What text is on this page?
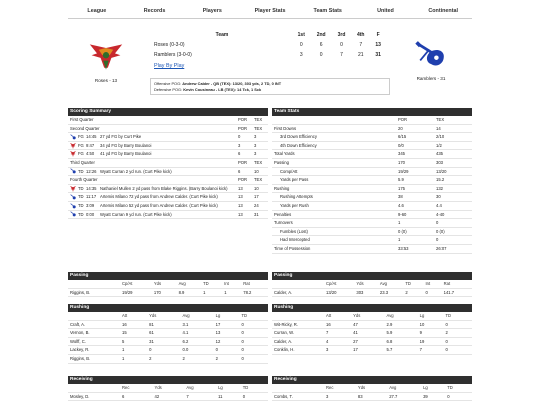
League	Records	Players	Player Stats	Team Stats	United	Continental
Roses - 13	Ramblers - 31
Team	1st	2nd	3rd	4th	F
Roses (0-3-0)	0	6	0	7	13
Ramblers (3-0-0)	3	0	7	21	31
Play By Play
Offensive POG: Andrew Calder - QB (TEX): 13/20, 303 yds, 2 TD, 0 INT
Defensive POG: Kevin Cousineau - LB (TEX): 14 Tck, 1 Sck
Scoring Summary
First Quarter	POR	TEX
Second Quarter	POR	TEX

FG 14:45 27 yd FG by Curt Pike	0	3

FG 9:47 34 yd FG by Barry Boulanoi	3	3

FG 4:50 41 yd FG by Barry Boulanoi	6	3
Third Quarter	POR	TEX

TD 12:26 Wyatt Curran 2 yd run. (Curt Pike kick)	6	10
Fourth Quarter	POR	TEX

TD 14:35 Nathaniel Mullen 2 yd pass from Blake Riggins. (Barry Boulanoi kick)	13	10

TD 11:17 Artemis Milano 72 yd pass from Andrew Calder. (Curt Pike kick)	13	17

TD 3:09 Artemis Milano 52 yd pass from Andrew Calder. (Curt Pike kick)	13	24

TD 0:00 Wyatt Curran 9 yd run. (Curt Pike kick)	13	31
Team Stats
	POR	TEX
First Downs	20	14
3rd Down Efficiency	6/15	2/10
4th Down Efficiency	0/0	1/2
Total Yards	345	435
Passing	170	303
Comp/Att	19/29	13/20
Yards per Pass	5.9	15.2
Rushing	175	132
Rushing Attempts	38	30
Yards per Rush	4.6	4.4
Penalties	9-60	4-40
Turnovers	1	0
Fumbles (Lost)	0 (0)	0 (0)
Had Intercepted	1	0
Time of Possession	33:53	26:07
Passing
	Cp/At	Yds	Avg	TD	Int	Rat
Riggins, B.	19/29	170	8.9	1	1	78.2
Passing
	Cp/At	Yds	Avg	TD	Int	Rat
Calder, A.	13/20	303	23.3	2	0	141.7
Rushing
	Att	Yds	Avg	Lg	TD
Craft, A.	16	81	3.1	17	0
Vernon, B.	15	61	4.1	13	0
Wolff, C.	5	31	6.2	12	0
Lackey, R.	1	0	0.0	0	0
Riggins, B.	1	2	2	2	0
Rushing
	Att	Yds	Avg	Lg	TD
Wit-Ricky, R.	16	47	2.9	10	0
Curran, W.	7	41	5.9	9	2
Calder, A.	4	27	6.8	19	0
Conklin, H.	3	17	5.7	7	0
Receiving
	Rec	Yds	Avg	Lg	TD
Mosley, D.	6	42	7	11	0
Receiving
	Rec	Yds	Avg	Lg	TD
Combs, T.	3	83	27.7	39	0
